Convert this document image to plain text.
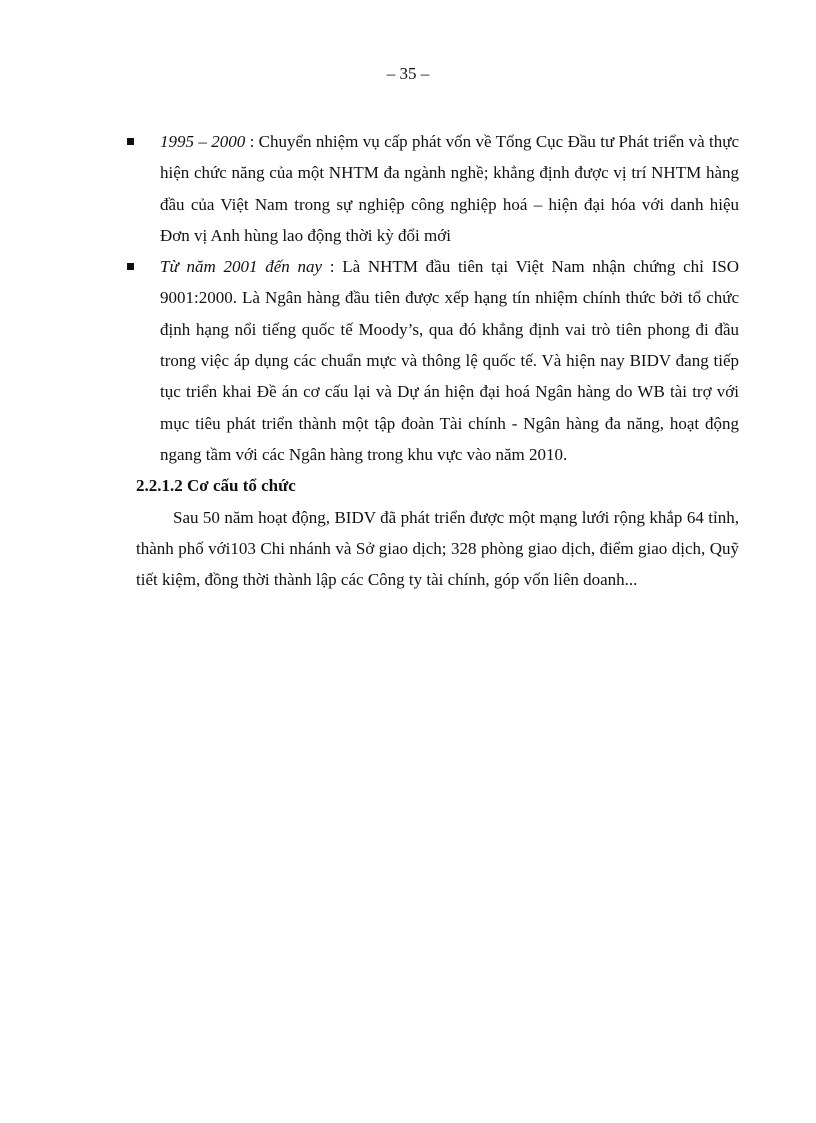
– 35 –
1995 – 2000 : Chuyển nhiệm vụ cấp phát vốn về Tổng Cục Đầu tư Phát triển và thực hiện chức năng của một NHTM đa ngành nghề; khẳng định được vị trí NHTM hàng đầu của Việt Nam trong sự nghiệp công nghiệp hoá – hiện đại hóa với danh hiệu Đơn vị Anh hùng lao động thời kỳ đổi mới
Từ năm 2001 đến nay : Là NHTM đầu tiên tại Việt Nam nhận chứng chỉ ISO 9001:2000. Là Ngân hàng đầu tiên được xếp hạng tín nhiệm chính thức bởi tổ chức định hạng nổi tiếng quốc tế Moody’s, qua đó khẳng định vai trò tiên phong đi đầu trong việc áp dụng các chuẩn mực và thông lệ quốc tế. Và hiện nay BIDV đang tiếp tục triển khai Đề án cơ cấu lại và Dự án hiện đại hoá Ngân hàng do WB tài trợ với mục tiêu phát triển thành một tập đoàn Tài chính - Ngân hàng đa năng, hoạt động ngang tầm với các Ngân hàng trong khu vực vào năm 2010.

2.2.1.2 Cơ cấu tổ chức

Sau 50 năm hoạt động, BIDV đã phát triển được một mạng lưới rộng khắp 64 tỉnh, thành phố với103 Chi nhánh và Sở giao dịch; 328 phòng giao dịch, điểm giao dịch, Quỹ tiết kiệm, đồng thời thành lập các Công ty tài chính, góp vốn liên doanh...
